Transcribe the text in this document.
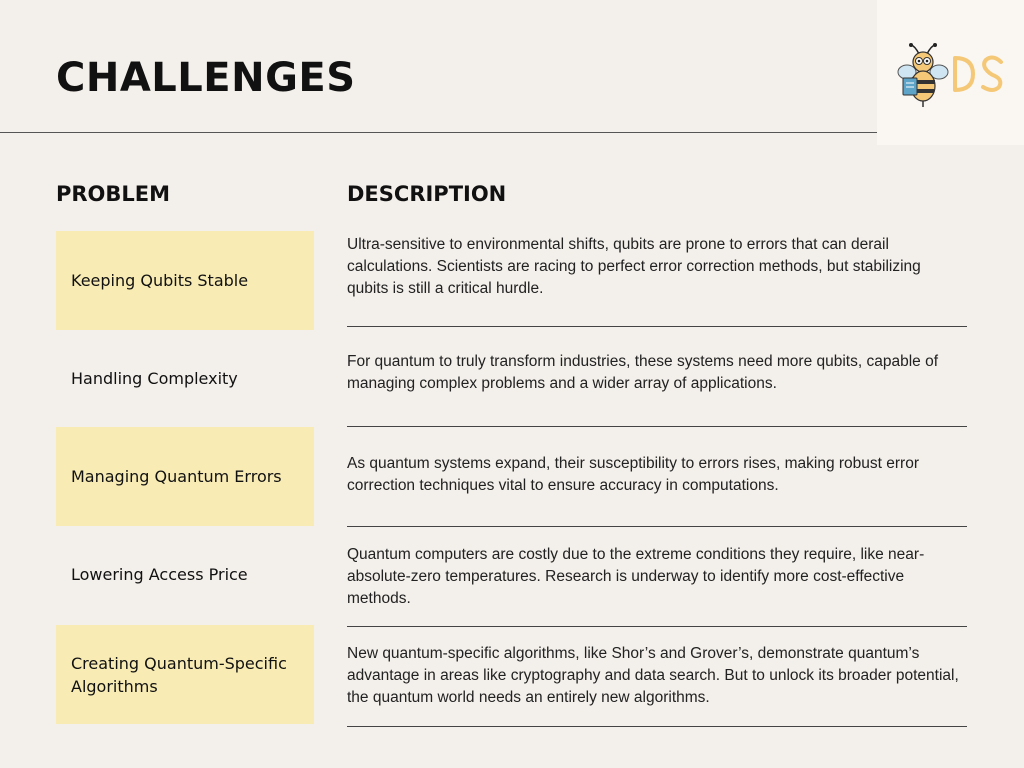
CHALLENGES
PROBLEM	DESCRIPTION
Keeping Qubits Stable
Ultra-sensitive to environmental shifts, qubits are prone to errors that can derail calculations. Scientists are racing to perfect error correction methods, but stabilizing qubits is still a critical hurdle.
Handling Complexity
For quantum to truly transform industries, these systems need more qubits, capable of managing complex problems and a wider array of applications.
Managing Quantum Errors
As quantum systems expand, their susceptibility to errors rises, making robust error correction techniques vital to ensure accuracy in computations.
Lowering Access Price
Quantum computers are costly due to the extreme conditions they require, like near-absolute-zero temperatures. Research is underway to identify more cost-effective methods.
Creating Quantum-Specific Algorithms
New quantum-specific algorithms, like Shor’s and Grover’s, demonstrate quantum’s advantage in areas like cryptography and data search. But to unlock its broader potential, the quantum world needs an entirely new algorithms.
